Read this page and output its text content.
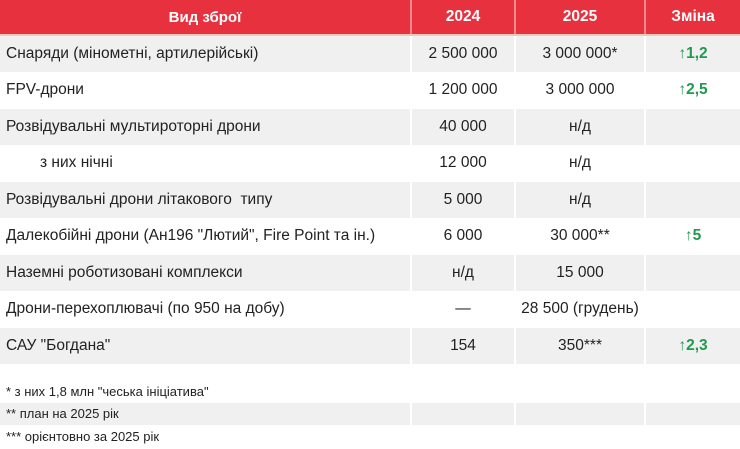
Вид зброї	2024	2025	Зміна
Снаряди (мінометні, артилерійські)	2 500 000	3 000 000*	↑1,2
FPV-дрони	1 200 000	3 000 000	↑2,5
Розвідувальні мультироторні дрони	40 000	н/д
з них нічні	12 000	н/д
Розвідувальні дрони літакового  типу	5 000	н/д
Далекобійні дрони (Ан196 "Лютий", Fire Point та ін.)	6 000	30 000**	↑5
Наземні роботизовані комплекси	н/д	15 000
Дрони-перехоплювачі (по 950 на добу)	—	28 500 (грудень)
САУ "Богдана"	154	350***	↑2,3
* з них 1,8 млн "чеська ініціатива"
** план на 2025 рік
*** орієнтовно за 2025 рік
